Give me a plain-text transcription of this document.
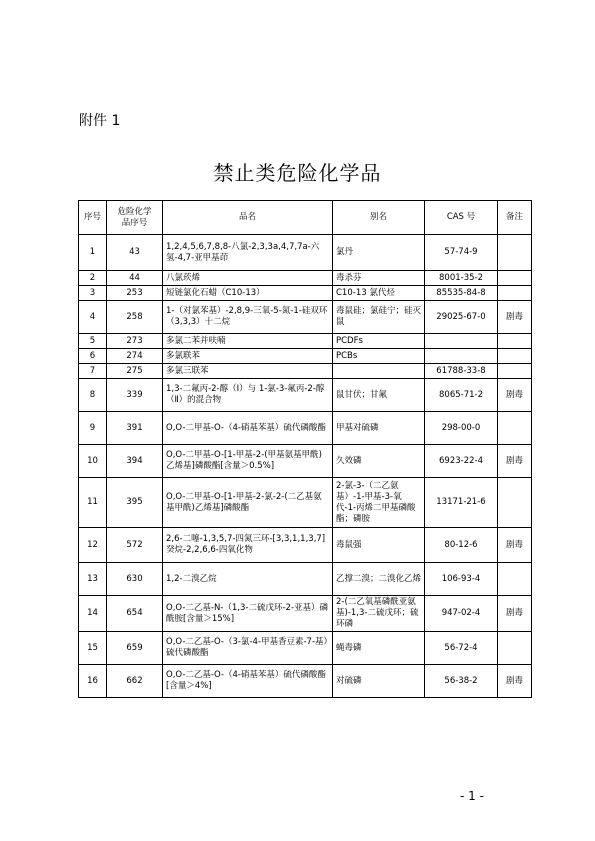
附件 1
禁止类危险化学品
序号	危险化学品序号	品名	别名	CAS 号	备注
1	43	1,2,4,5,6,7,8,8-八氯-2,3,3a,4,7,7a-六氢-4,7-亚甲基茚	氯丹	57-74-9	
2	44	八氯莰烯	毒杀芬	8001-35-2	
3	253	短链氯化石蜡（C10-13）	C10-13 氯代烃	85535-84-8	
4	258	1-（对氯苯基）-2,8,9-三氧-5-氮-1-硅双环（3,3,3）十二烷	毒鼠硅；氯硅宁；硅灭鼠	29025-67-0	剧毒
5	273	多氯二苯并呋喃	PCDFs		
6	274	多氯联苯	PCBs		
7	275	多氯三联苯		61788-33-8	
8	339	1,3-二氟丙-2-醇（Ⅰ）与 1-氯-3-氟丙-2-醇（Ⅱ）的混合物	鼠甘伏；甘氟	8065-71-2	剧毒
9	391	O,O-二甲基-O-（4-硝基苯基）硫代磷酸酯	甲基对硫磷	298-00-0	
10	394	O,O-二甲基-O-[1-甲基-2-(甲基氨基甲酰)乙烯基]磷酸酯[含量＞0.5%]	久效磷	6923-22-4	剧毒
11	395	O,O-二甲基-O-[1-甲基-2-氯-2-(二乙基氨基甲酰)乙烯基]磷酸酯	2-氯-3-（二乙氨基）-1-甲基-3-氧代-1-丙烯二甲基磷酸酯；磷胺	13171-21-6	
12	572	2,6-二噻-1,3,5,7-四氮三环-[3,3,1,1,3,7]癸烷-2,2,6,6-四氧化物	毒鼠强	80-12-6	剧毒
13	630	1,2-二溴乙烷	乙撑二溴；二溴化乙烯	106-93-4	
14	654	O,O-二乙基-N-（1,3-二硫戊环-2-亚基）磷酰胺[含量＞15%]	2-(二乙氧基磷酰亚氨基)-1,3-二硫戊环；硫环磷	947-02-4	剧毒
15	659	O,O-二乙基-O-（3-氯-4-甲基香豆素-7-基）硫代磷酸酯	蝇毒磷	56-72-4	
16	662	O,O-二乙基-O-（4-硝基苯基）硫代磷酸酯[含量＞4%]	对硫磷	56-38-2	剧毒
- 1 -
